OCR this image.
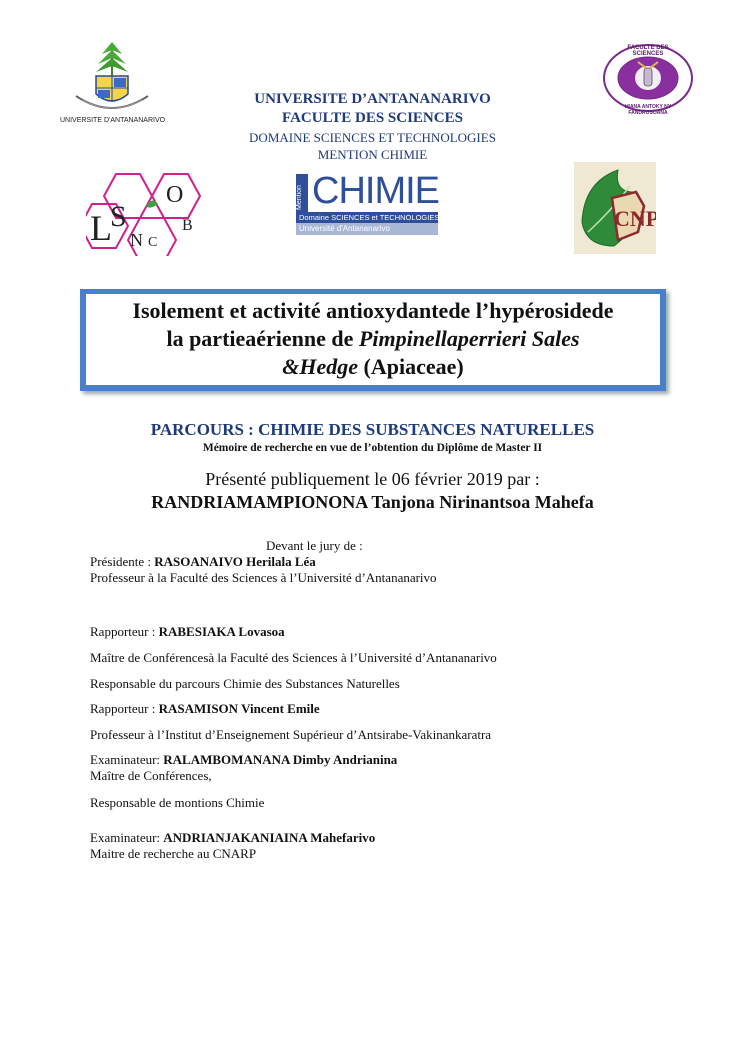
UNIVERSITE D'ANTANANARIVO
FACULTE DES SCIENCES
HIANA ANTOKY NY FANDROSOANA
UNIVERSITE D’ANTANANARIVO
FACULTE DES SCIENCES
DOMAINE SCIENCES ET TECHNOLOGIES
MENTION CHIMIE
L
S
N C
O
B
Mention CHIMIE
Domaine SCIENCES et TECHNOLOGIES
Université d'Antananarivo	CNP
Isolement et activité antioxydantede l’hypérosidede
la partieaérienne de Pimpinellaperrieri Sales
&Hedge (Apiaceae)
PARCOURS : CHIMIE DES SUBSTANCES NATURELLES
Mémoire de recherche en vue de l’obtention du Diplôme de Master II
Présenté publiquement le 06 février 2019 par :
RANDRIAMAMPIONONA Tanjona Nirinantsoa Mahefa
Devant le jury de :
Présidente : RASOANAIVO Herilala Léa
Professeur à la Faculté des Sciences à l’Université d’Antananarivo
Rapporteur : RABESIAKA Lovasoa
Maître de Conférencesà la Faculté des Sciences à l’Université d’Antananarivo
Responsable du parcours Chimie des Substances Naturelles
Rapporteur : RASAMISON Vincent Emile
Professeur à l’Institut d’Enseignement Supérieur d’Antsirabe-Vakinankaratra
Examinateur: RALAMBOMANANA Dimby Andrianina
Maître de Conférences,
Responsable de montions Chimie
Examinateur: ANDRIANJAKANIAINA Mahefarivo
Maitre de recherche au CNARP
